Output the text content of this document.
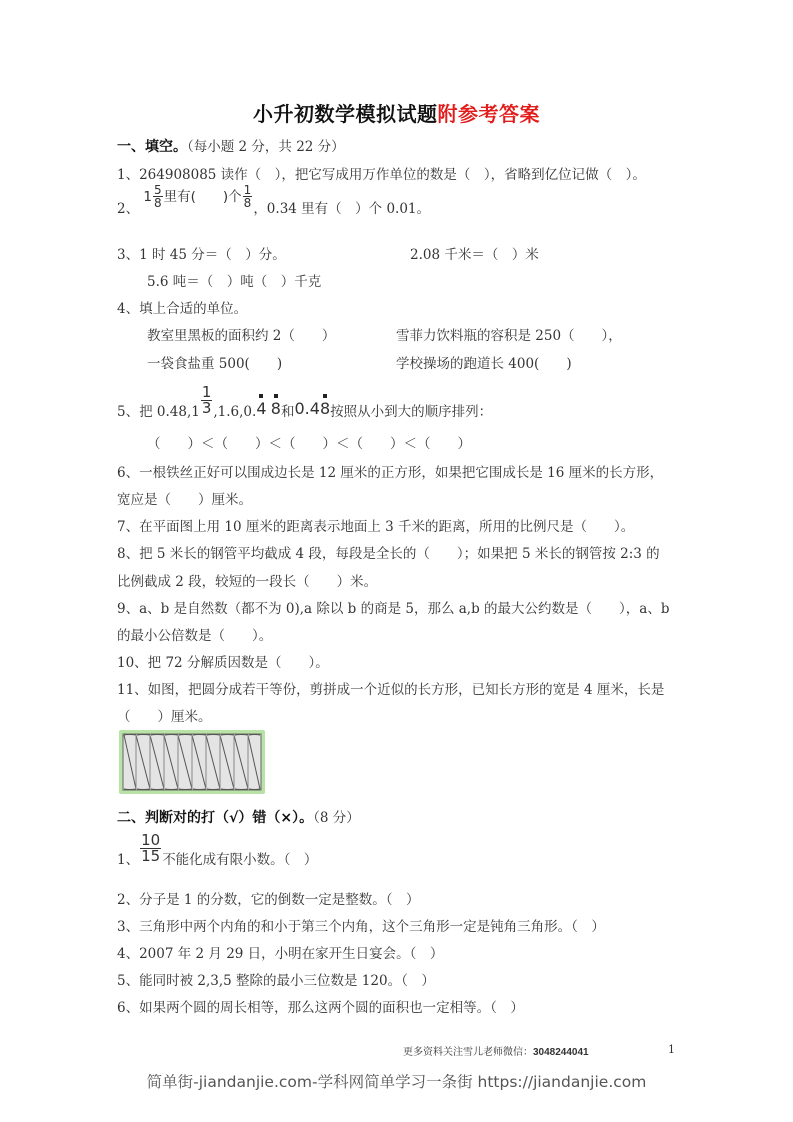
小升初数学模拟试题附参考答案
一、填空。（每小题 2 分，共 22 分）
1、264908085 读作（　），把它写成用万作单位的数是（　），省略到亿位记做（　）。
2、 $1 \frac{5}{8}$ 里有(　　)个 $\frac{1}{8}$ ，0.34 里有（　）个 0.01。
3、1 时 45 分＝（　）分。	2.08 千米＝（　）米
5.6 吨＝（　）吨（　）千克
4、填上合适的单位。
教室里黑板的面积约 2（　　）	雪菲力饮料瓶的容积是 250（　　），
一袋食盐重 500(　　)	学校操场的跑道长 400(　　)
5、把 $0.48,1 \frac{1}{3} ,1.6,0.4$ 8和0.48按照从小到大的顺序排列：
（　　）＜（　　）＜（　　）＜（　　）＜（　　）
6、一根铁丝正好可以围成边长是 12 厘米的正方形，如果把它围成长是 16 厘米的长方形，
宽应是（　　）厘米。
7、在平面图上用 10 厘米的距离表示地面上 3 千米的距离，所用的比例尺是（　　）。
8、把 5 米长的钢管平均截成 4 段，每段是全长的（　　）；如果把 5 米长的钢管按 2:3 的
比例截成 2 段，较短的一段长（　　）米。
9、a、b 是自然数（都不为 0),a 除以 b 的商是 5，那么 a,b 的最大公约数是（　　），a、b
的最小公倍数是（　　）。
10、把 72 分解质因数是（　　）。
11、如图，把圆分成若干等份，剪拼成一个近似的长方形，已知长方形的宽是 4 厘米，长是
（　　）厘米。
二、判断对的打（√）错（×）。（8 分）
1、 $\frac{10}{15}$ 不能化成有限小数。（　）
2、分子是 1 的分数，它的倒数一定是整数。（　）
3、三角形中两个内角的和小于第三个内角，这个三角形一定是钝角三角形。（　）
4、2007 年 2 月 29 日，小明在家开生日宴会。（　）
5、能同时被 2,3,5 整除的最小三位数是 120。（　）
6、如果两个圆的周长相等，那么这两个圆的面积也一定相等。（　）
更多资料关注雪儿老师微信：3048244041	1
简单街-jiandanjie.com-学科网简单学习一条街 https://jiandanjie.com
